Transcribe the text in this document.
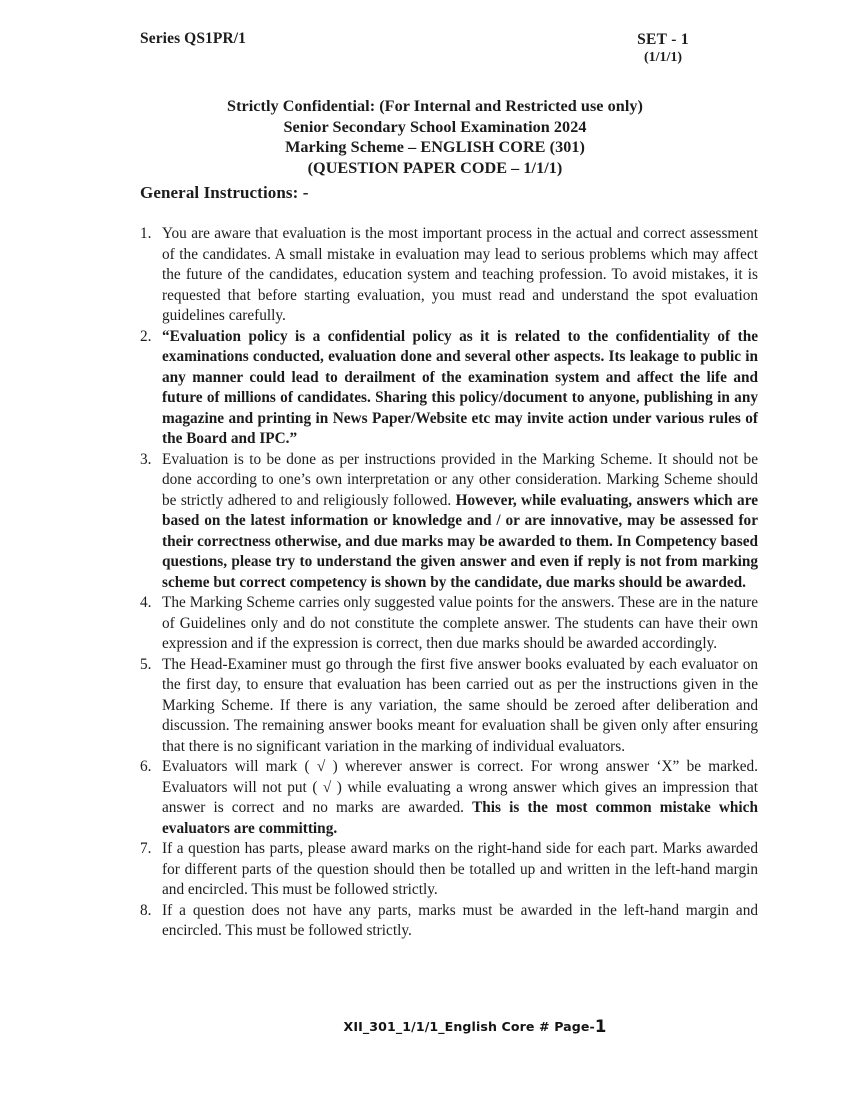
Series QS1PR/1	SET - 1
(1/1/1)
Strictly Confidential: (For Internal and Restricted use only)
Senior Secondary School Examination 2024
Marking Scheme – ENGLISH CORE (301)
(QUESTION PAPER CODE – 1/1/1)
General Instructions: -
1. You are aware that evaluation is the most important process in the actual and correct assessment of the candidates. A small mistake in evaluation may lead to serious problems which may affect the future of the candidates, education system and teaching profession. To avoid mistakes, it is requested that before starting evaluation, you must read and understand the spot evaluation guidelines carefully.
2. “Evaluation policy is a confidential policy as it is related to the confidentiality of the examinations conducted, evaluation done and several other aspects. Its leakage to public in any manner could lead to derailment of the examination system and affect the life and future of millions of candidates. Sharing this policy/document to anyone, publishing in any magazine and printing in News Paper/Website etc may invite action under various rules of the Board and IPC.”
3. Evaluation is to be done as per instructions provided in the Marking Scheme. It should not be done according to one’s own interpretation or any other consideration. Marking Scheme should be strictly adhered to and religiously followed. However, while evaluating, answers which are based on the latest information or knowledge and / or are innovative, may be assessed for their correctness otherwise, and due marks may be awarded to them. In Competency based questions, please try to understand the given answer and even if reply is not from marking scheme but correct competency is shown by the candidate, due marks should be awarded.
4. The Marking Scheme carries only suggested value points for the answers. These are in the nature of Guidelines only and do not constitute the complete answer. The students can have their own expression and if the expression is correct, then due marks should be awarded accordingly.
5. The Head-Examiner must go through the first five answer books evaluated by each evaluator on the first day, to ensure that evaluation has been carried out as per the instructions given in the Marking Scheme. If there is any variation, the same should be zeroed after deliberation and discussion. The remaining answer books meant for evaluation shall be given only after ensuring that there is no significant variation in the marking of individual evaluators.
6. Evaluators will mark ( √ ) wherever answer is correct. For wrong answer ‘X” be marked. Evaluators will not put ( √ ) while evaluating a wrong answer which gives an impression that answer is correct and no marks are awarded. This is the most common mistake which evaluators are committing.
7. If a question has parts, please award marks on the right-hand side for each part. Marks awarded for different parts of the question should then be totalled up and written in the left-hand margin and encircled. This must be followed strictly.
8. If a question does not have any parts, marks must be awarded in the left-hand margin and encircled. This must be followed strictly.
XII_301_1/1/1_English Core # Page-1
